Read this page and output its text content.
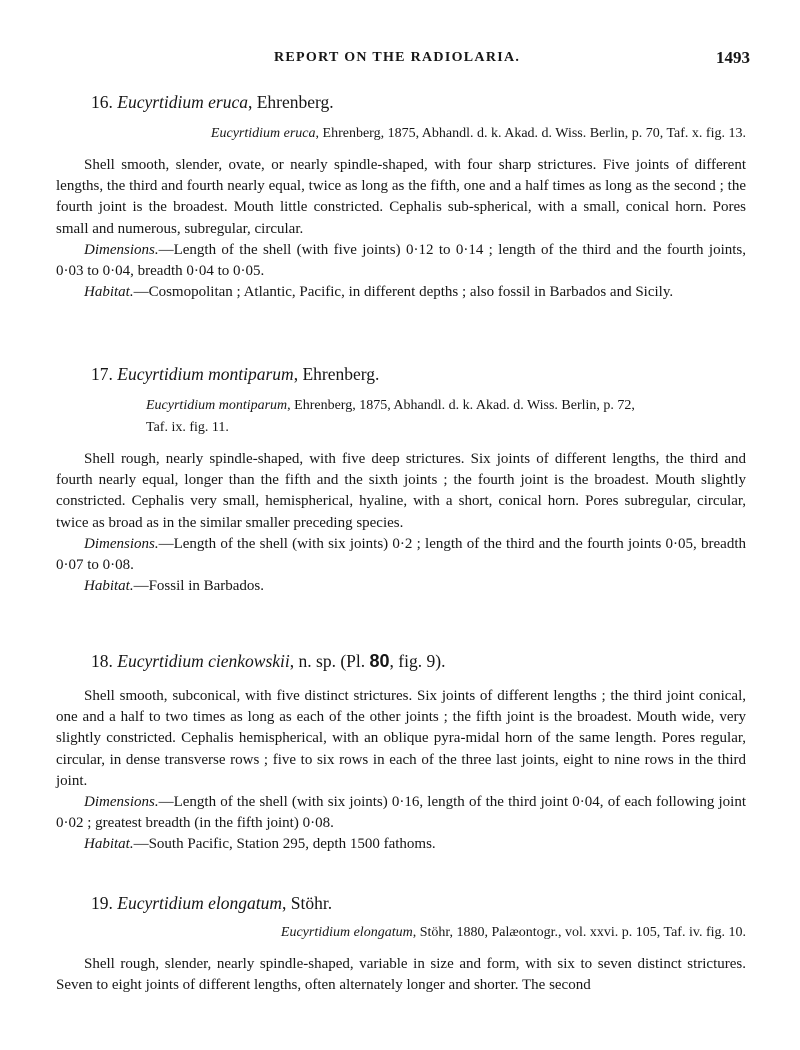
REPORT ON THE RADIOLARIA.	1493
16. Eucyrtidium eruca, Ehrenberg.
Eucyrtidium eruca, Ehrenberg, 1875, Abhandl. d. k. Akad. d. Wiss. Berlin, p. 70, Taf. x. fig. 13.

Shell smooth, slender, ovate, or nearly spindle-shaped, with four sharp strictures. Five joints of different lengths, the third and fourth nearly equal, twice as long as the fifth, one and a half times as long as the second ; the fourth joint is the broadest. Mouth little constricted. Cephalis sub-spherical, with a small, conical horn. Pores small and numerous, subregular, circular.

Dimensions.—Length of the shell (with five joints) 0·12 to 0·14 ; length of the third and the fourth joints, 0·03 to 0·04, breadth 0·04 to 0·05.

Habitat.—Cosmopolitan ; Atlantic, Pacific, in different depths ; also fossil in Barbados and Sicily.

17. Eucyrtidium montiparum, Ehrenberg.
Eucyrtidium montiparum, Ehrenberg, 1875, Abhandl. d. k. Akad. d. Wiss. Berlin, p. 72,
Taf. ix. fig. 11.

Shell rough, nearly spindle-shaped, with five deep strictures. Six joints of different lengths, the third and fourth nearly equal, longer than the fifth and the sixth joints ; the fourth joint is the broadest. Mouth slightly constricted. Cephalis very small, hemispherical, hyaline, with a short, conical horn. Pores subregular, circular, twice as broad as in the similar smaller preceding species.

Dimensions.—Length of the shell (with six joints) 0·2 ; length of the third and the fourth joints 0·05, breadth 0·07 to 0·08.

Habitat.—Fossil in Barbados.

18. Eucyrtidium cienkowskii, n. sp. (Pl. 80, fig. 9).

Shell smooth, subconical, with five distinct strictures. Six joints of different lengths ; the third joint conical, one and a half to two times as long as each of the other joints ; the fifth joint is the broadest. Mouth wide, very slightly constricted. Cephalis hemispherical, with an oblique pyra-midal horn of the same length. Pores regular, circular, in dense transverse rows ; five to six rows in each of the three last joints, eight to nine rows in the third joint.

Dimensions.—Length of the shell (with six joints) 0·16, length of the third joint 0·04, of each following joint 0·02 ; greatest breadth (in the fifth joint) 0·08.

Habitat.—South Pacific, Station 295, depth 1500 fathoms.

19. Eucyrtidium elongatum, Stöhr.
Eucyrtidium elongatum, Stöhr, 1880, Palæontogr., vol. xxvi. p. 105, Taf. iv. fig. 10.

Shell rough, slender, nearly spindle-shaped, variable in size and form, with six to seven distinct strictures. Seven to eight joints of different lengths, often alternately longer and shorter. The second
